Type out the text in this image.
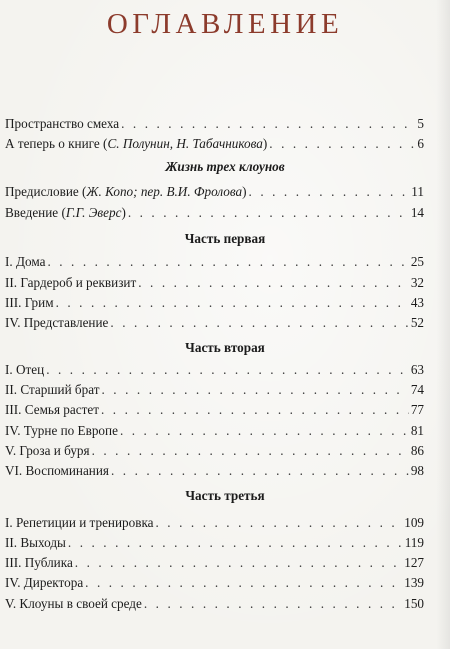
ОГЛАВЛЕНИЕ
Пространство смеха . . .	5
А теперь о книге (С. Полунин, Н. Табачникова) . . .	6
Жизнь трех клоунов
Предисловие (Ж. Копо; пер. В.И. Фролова) . . .	11
Введение (Г.Г. Эверс) . . .	14
Часть первая
I. Дома . . .	25
II. Гардероб и реквизит . . .	32
III. Грим . . .	43
IV. Представление . . .	52
Часть вторая
I. Отец . . .	63
II. Старший брат . . .	74
III. Семья растет . . .	77
IV. Турне по Европе . . .	81
V. Гроза и буря . . .	86
VI. Воспоминания . . .	98
Часть третья
I. Репетиции и тренировка . . .	109
II. Выходы . . .	119
III. Публика . . .	127
IV. Директора . . .	139
V. Клоуны в своей среде . . .	150
